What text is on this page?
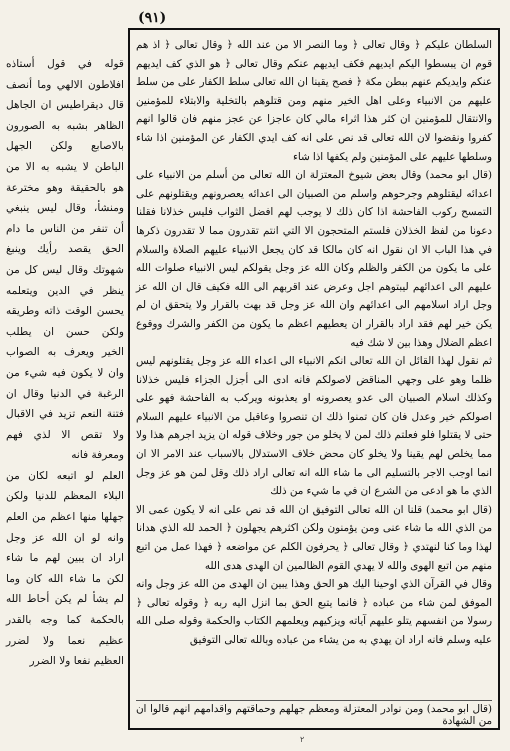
(٩١)

قوله في قول أستاذه افلاطون الالهي وما أنصف قال ديقراطيس ان الجاهل الظاهر بشبه به الصورون بالاصابع ولكن الجهل الباطن لا يشبه به الا من هو بالحقيقة وهو مخترعة ومنشأ، وقال ليس ينبغي أن تنفر من الناس ما دام الحق يقصد رأيك وينبغ شهوتك وقال ليس كل من ينظر في الدين ويتعلمه يحسن الوقت ذاته وطريقه ولكن حسن ان يطلب الخير ويعرف به الصواب وان لا يكون فيه شيء من الرغبة في الدنيا وقال ان فتنة النعم تزيد في الاقبال ولا تقص الا لذي فهم ومعرفة فانه

العلم لو اتبعه لكان من البلاء المعظم للدنيا ولكن جهلها منها اعظم من العلم وانه لو ان الله عز وجل اراد ان يبين لهم ما شاء لكن ما شاء الله كان وما لم يشأ لم يكن أحاط الله بالحكمة كما وجه بالقدر عظيم نعما ولا لضرر العظيم نفعا ولا الضرر

السلطان عليكم ﴿ وقال تعالى ﴿ وما النصر الا من عند الله ﴿ وقال تعالى ﴿ اذ هم قوم ان يبسطوا اليكم ايديهم فكف ايديهم عنكم وقال تعالى ﴿ هو الذي كف ايديهم عنكم وايديكم عنهم ببطن مكة ﴿ فصح يقينا ان الله تعالى سلط الكفار على من سلط عليهم من الانبياء وعلى اهل الخير منهم ومن قتلوهم بالتخلية والابتلاء للمؤمنين والانتقال للمؤمنين ان كثر هذا اثراء مالي كان عاجزا عن عجز منهم فان قالوا انهم كفروا ونقضوا لان الله تعالى قد نص على انه كف ايدي الكفار عن المؤمنين اذا شاء وسلطها عليهم على المؤمنين ولم يكفها اذا شاء

(قال ابو محمد) وقال بعض شيوخ المعتزلة ان الله تعالى من أسلم من الانبياء على اعدائه ليقتلوهم وجرحوهم واسلم من الصبيان الى اعدائه يعصرونهم ويقتلونهم على التمسح ركوب الفاحشة اذا كان ذلك لا يوجب لهم افضل الثواب فليس خذلانا فقلنا دعونا من لفظ الخذلان فلستم المتحجون الا التي انتم تقدرون مما لا تقدرون ذكرها في هذا الباب الا ان نقول انه كان مالكا قد كان يجعل الانبياء عليهم الصلاة والسلام على ما يكون من الكفر والظلم وكان الله عز وجل يقولكم ليس الانبياء صلوات الله عليهم الى اعدائهم ليبتوهم اجل وعرض عند اقربهم الى الله فكيف قال ان الله عز وجل اراد اسلامهم الى اعدائهم وان الله عز وجل قد بهت بالقرار ولا يتحقق ان لم يكن خير لهم فقد اراد بالقرار ان يعطيهم اعظم ما يكون من الكفر والشرك ووقوع اعظم الضلال وهذا بين لا شك فيه

ثم نقول لهذا القائل ان الله تعالى انكم الانبياء الى اعداء الله عز وجل يقتلونهم ليس ظلما وهو على وجهي المناقض لاصولكم فانه ادى الى أجزل الجزاء فليس خذلانا وكذلك اسلام الصبيان الى عدو يعصرونه او يعذبونه ويركب به الفاحشة فهو على اصولكم خير وعدل فان كان تمنوا ذلك ان تنصروا وعاقبل من الانبياء عليهم السلام حتى لا يقتلوا فلو فعلتم ذلك لمن لا يخلو من جور وخلاف قوله ان يزيد اجرهم هذا ولا مما يخلص لهم يقينا ولا يخلو كان محض خلاف الاستدلال بالاسباب عند الامر الا ان انما اوجب الاجر بالتسليم الى ما شاء الله انه تعالى اراد ذلك وقل لمن هو عز وجل الذي ما هو ادعى من الشرع ان في ما شيء من ذلك

(قال ابو محمد) قلنا ان الله تعالى التوفيق ان الله قد نص على انه لا يكون عمى الا من الذي الله ما شاء عنى ومن يؤمنون ولكن اكثرهم يجهلون ﴿ الحمد لله الذي هدانا لهذا وما كنا لنهتدي ﴿ وقال تعالى ﴿ يحرفون الكلم عن مواضعه ﴿ فهذا عمل من اتبع منهم من اتبع الهوى والله لا يهدي القوم الظالمين ان الهدى هدى الله

وقال في القرآن الذي اوحينا اليك هو الحق وهذا يبين ان الهدى من الله عز وجل وانه الموفق لمن شاء من عباده ﴿ فانما يتبع الحق بما انزل اليه ربه ﴿ وقوله تعالى ﴿ رسولا من انفسهم يتلو عليهم آياته ويزكيهم ويعلمهم الكتاب والحكمة وقوله صلى الله عليه وسلم فانه اراد ان يهدي به من يشاء من عباده وبالله تعالى التوفيق

(قال ابو محمد) ومن نوادر المعتزلة ومعظم جهلهم وحماقتهم واقدامهم انهم قالوا ان من الشهادة
٢
